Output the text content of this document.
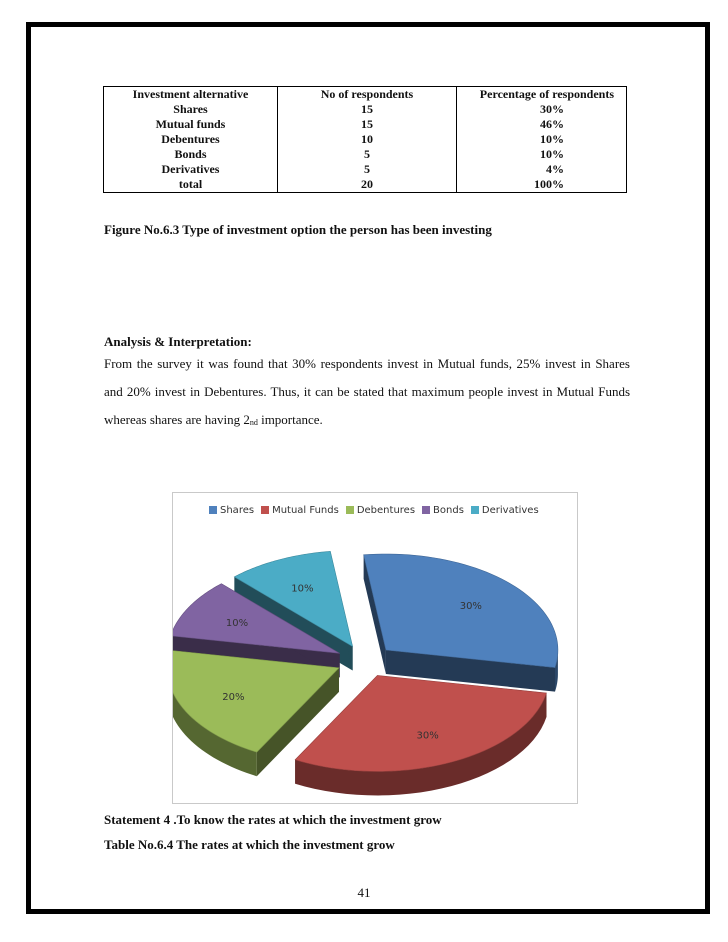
Investment alternative	No of respondents	Percentage of respondents
Shares	15	30%
Mutual funds	15	46%
Debentures	10	10%
Bonds	5	10%
Derivatives	5	4%
total	20	100%
Figure No.6.3 Type of investment option the person has been investing
Analysis & Interpretation:
From the survey it was found that 30% respondents invest in Mutual funds, 25% invest in Shares and 20% invest in Debentures. Thus, it can be stated that maximum people invest in Mutual Funds whereas shares are having $2_{nd}$ importance.
Shares Mutual Funds Debentures Bonds Derivatives
30%
30%
20%
10%
10%
Statement 4 .To know the rates at which the investment grow
Table No.6.4 The rates at which the investment grow
41
